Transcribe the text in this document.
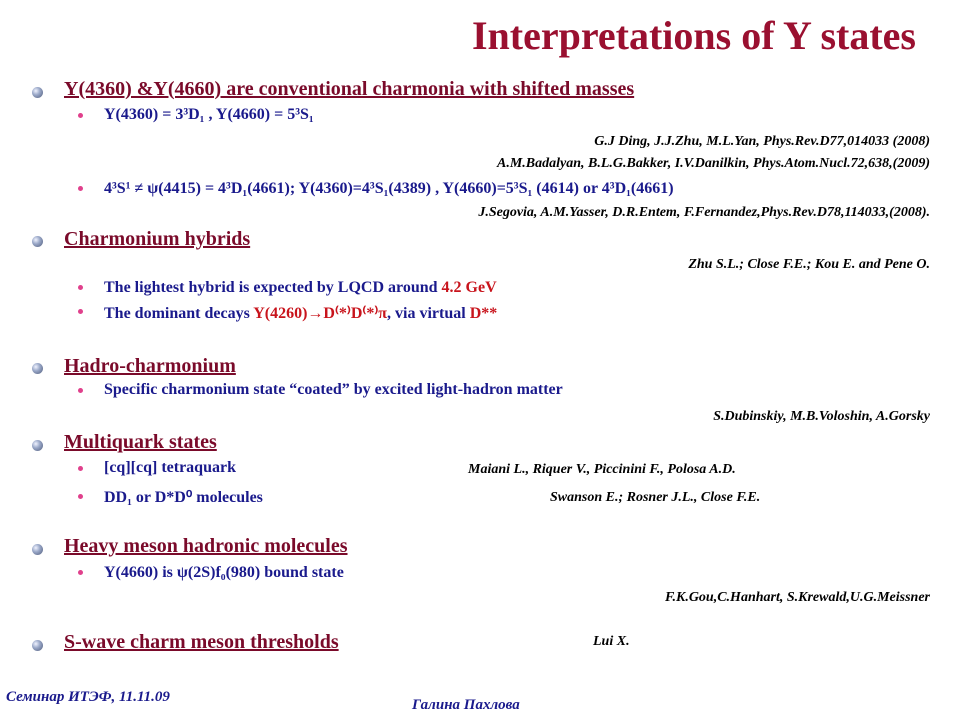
Interpretations of Y states
Y(4360) &Y(4660) are conventional charmonia with shifted masses
Y(4360) = 3³D₁ , Y(4660) = 5³S₁
G.J Ding, J.J.Zhu, M.L.Yan, Phys.Rev.D77,014033 (2008)
A.M.Badalyan, B.L.G.Bakker, I.V.Danilkin, Phys.Atom.Nucl.72,638,(2009)
4³S¹ ≠ ψ(4415) = 4³D₁(4661); Y(4360)=4³S₁(4389) , Y(4660)=5³S₁ (4614) or 4³D₁(4661)
J.Segovia, A.M.Yasser, D.R.Entem, F.Fernandez,Phys.Rev.D78,114033,(2008).
Charmonium hybrids
Zhu S.L.; Close F.E.; Kou E. and Pene O.
The lightest hybrid is expected by LQCD around 4.2 GeV
The dominant decays Y(4260)→D⁽*⁾D⁽*⁾π, via virtual D**
Hadro-charmonium
Specific charmonium state “coated” by excited light-hadron matter
S.Dubinskiy, M.B.Voloshin, A.Gorsky
Multiquark states
[cq][cq] tetraquark	Maiani L., Riquer V., Piccinini F., Polosa A.D.
DD₁ or D*D⁰ molecules	Swanson E.; Rosner J.L., Close F.E.
Heavy meson hadronic molecules
Y(4660) is ψ(2S)f₀(980) bound state
F.K.Gou,C.Hanhart, S.Krewald,U.G.Meissner
S-wave charm meson thresholds	Lui X.
Семинар ИТЭФ, 11.11.09	Галина Пахлова
